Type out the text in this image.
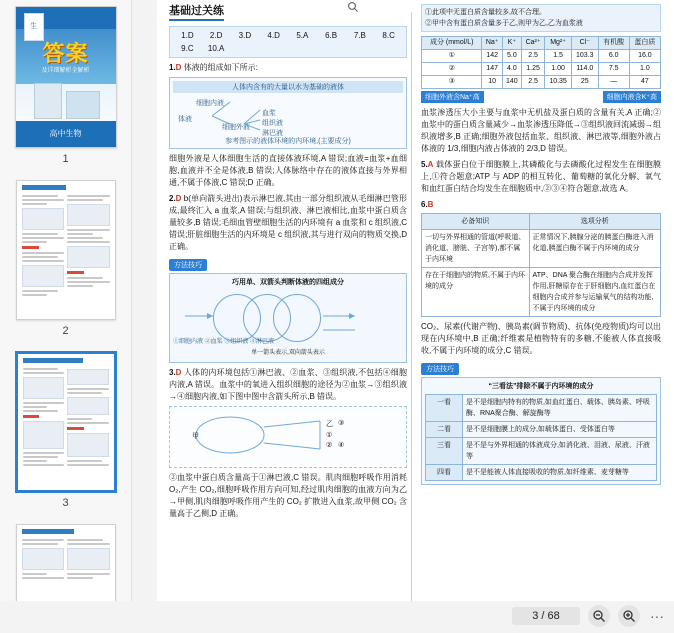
生
答案
及详细解析全解析
高中生物
1
2
3
基础过关练
1.D	2.D	3.D	4.D	5.A	6.B	7.B	8.C
9.C	10.A
1.D 体液的组成如下所示:
人体内含有的大量以水为基础的液体
细胞内液
体液
血浆
细胞外液
组织液
淋巴液
参考图示的液体环境的内环境,(主要成分)
细胞外液是人体细胞生活的直接体液环境,A 错误;血液=血浆+血细胞,血液并不全是体液,B 错误;人体脉络中存在的液体直接与外界相通,不属于体液,C 错误;D 正确。
2.D b(单向箭头进出)表示淋巴液,其由一部分组织液从毛细淋巴管形成,最终汇入 a 血浆,A 错误;与组织液、淋巴液相比,血浆中蛋白质含量较多,B 错误;毛细血管壁细胞生活的内环境有 a 血浆和 c 组织液,C 错误;肝脏细胞生活的内环境是 c 组织液,其与进行双向的物质交换,D 正确。
方法技巧
巧用单、双箭头判断体液的四组成分
①细胞内液 ②血浆 ③组织液 ④淋巴液
单一箭头表示,双向箭头表示
3.D 人体的内环境包括①淋巴液、②血浆、③组织液,不包括④细胞内液,A 错误。血浆中的氧进入组织细胞的途径为②血浆→③组织液→④细胞内液,如下图中图中含箭头所示,B 错误。
甲
乙
①
②
③
④
②血浆中蛋白质含量高于①淋巴液,C 错误。肌肉细胞呼吸作用消耗 O₂,产生 CO₂,细胞呼吸作用方向可知,经过肌肉细胞的血液方向为乙→甲侧,肌肉细胞呼吸作用产生的 CO₂ 扩散进入血浆,故甲侧 CO₂ 含量高于乙侧,D 正确。
①此项中无蛋白质含量较多,故不合理。
②甲中含有蛋白质含量多于乙,则甲为乙,乙为血浆液
成分 (mmol/L)	Na⁺	K⁺	Ca²⁺	Mg²⁺	Cl⁻	有机酸	蛋白质
①	142	5.0	2.5	1.5	103.3	6.0	16.0
②	147	4.0	1.25	1.00	114.0	7.5	1.0
③	10	140	2.5	10.35	25	—	47
细胞外液含Na⁺高	细胞内液含K⁺高
血浆渗透压大小主要与血浆中无机盐及蛋白质的含量有关,A 正确;②血浆中的蛋白质含量减少→血浆渗透压降低→③组织液回流减弱→组织液增多,B 正确;细胞外液包括血浆、组织液、淋巴液等,细胞外液占体液的 1/3,细胞内液占体液的 2/3,D 错误。
5.A 载体蛋白位于细胞膜上,其磷酸化与去磷酸化过程发生在细胞膜上,①符合题意;ATP 与 ADP 的相互转化、葡萄糖的氧化分解、氧气和血红蛋白结合均发生在细胞质中,②③④符合题意,故选 A。
6.B
必备知识	选项分析
一切与外界相通的管道(呼吸道、消化道、膀胱、子宫等),都不属于内环境	正常情况下,胰腺分泌的胰蛋白酶进入消化道,胰蛋白酶不属于内环境的成分
存在于细胞内的物质,不属于内环境的成分	ATP、DNA 聚合酶在细胞内合成并发挥作用,肝糖原存在于肝细胞内,血红蛋白在细胞内合成并参与运输氧气的结构功能,不属于内环境的成分
CO₂、尿素(代谢产物)、胰岛素(调节物质)、抗体(免疫物质)均可以出现在内环境中,B 正确;纤维素是植物特有的多糖,不能被人体直接吸收,不属于内环境的成分,C 错误。
方法技巧
“三看法”排除不属于内环境的成分
一看	是不是细胞内特有的物质,如血红蛋白、载体、胰岛素、呼吸酶、RNA聚合酶、解旋酶等
二看	是不是细胞膜上的成分,如载体蛋白、受体蛋白等
三看	是不是与外界相通的体液成分,如消化液、泪液、尿液、汗液等
四看	是不是能被人体直接吸收的物质,如纤维素、麦芽糖等
3 / 68	···
